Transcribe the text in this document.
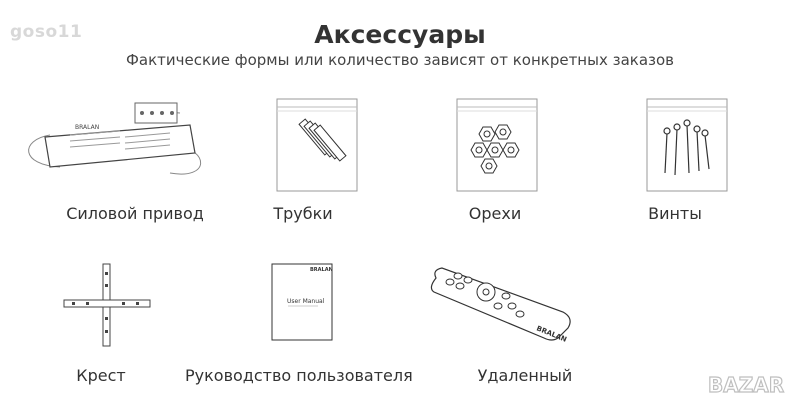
goso11	Аксессуары
Фактические формы или количество зависят от конкретных заказов
BRALAN
Силовой привод	Трубки	Орехи	Винты
Крест
BRALAN
User Manual
Руководство пользователя
BRALAN
Удаленный	BAZAR
